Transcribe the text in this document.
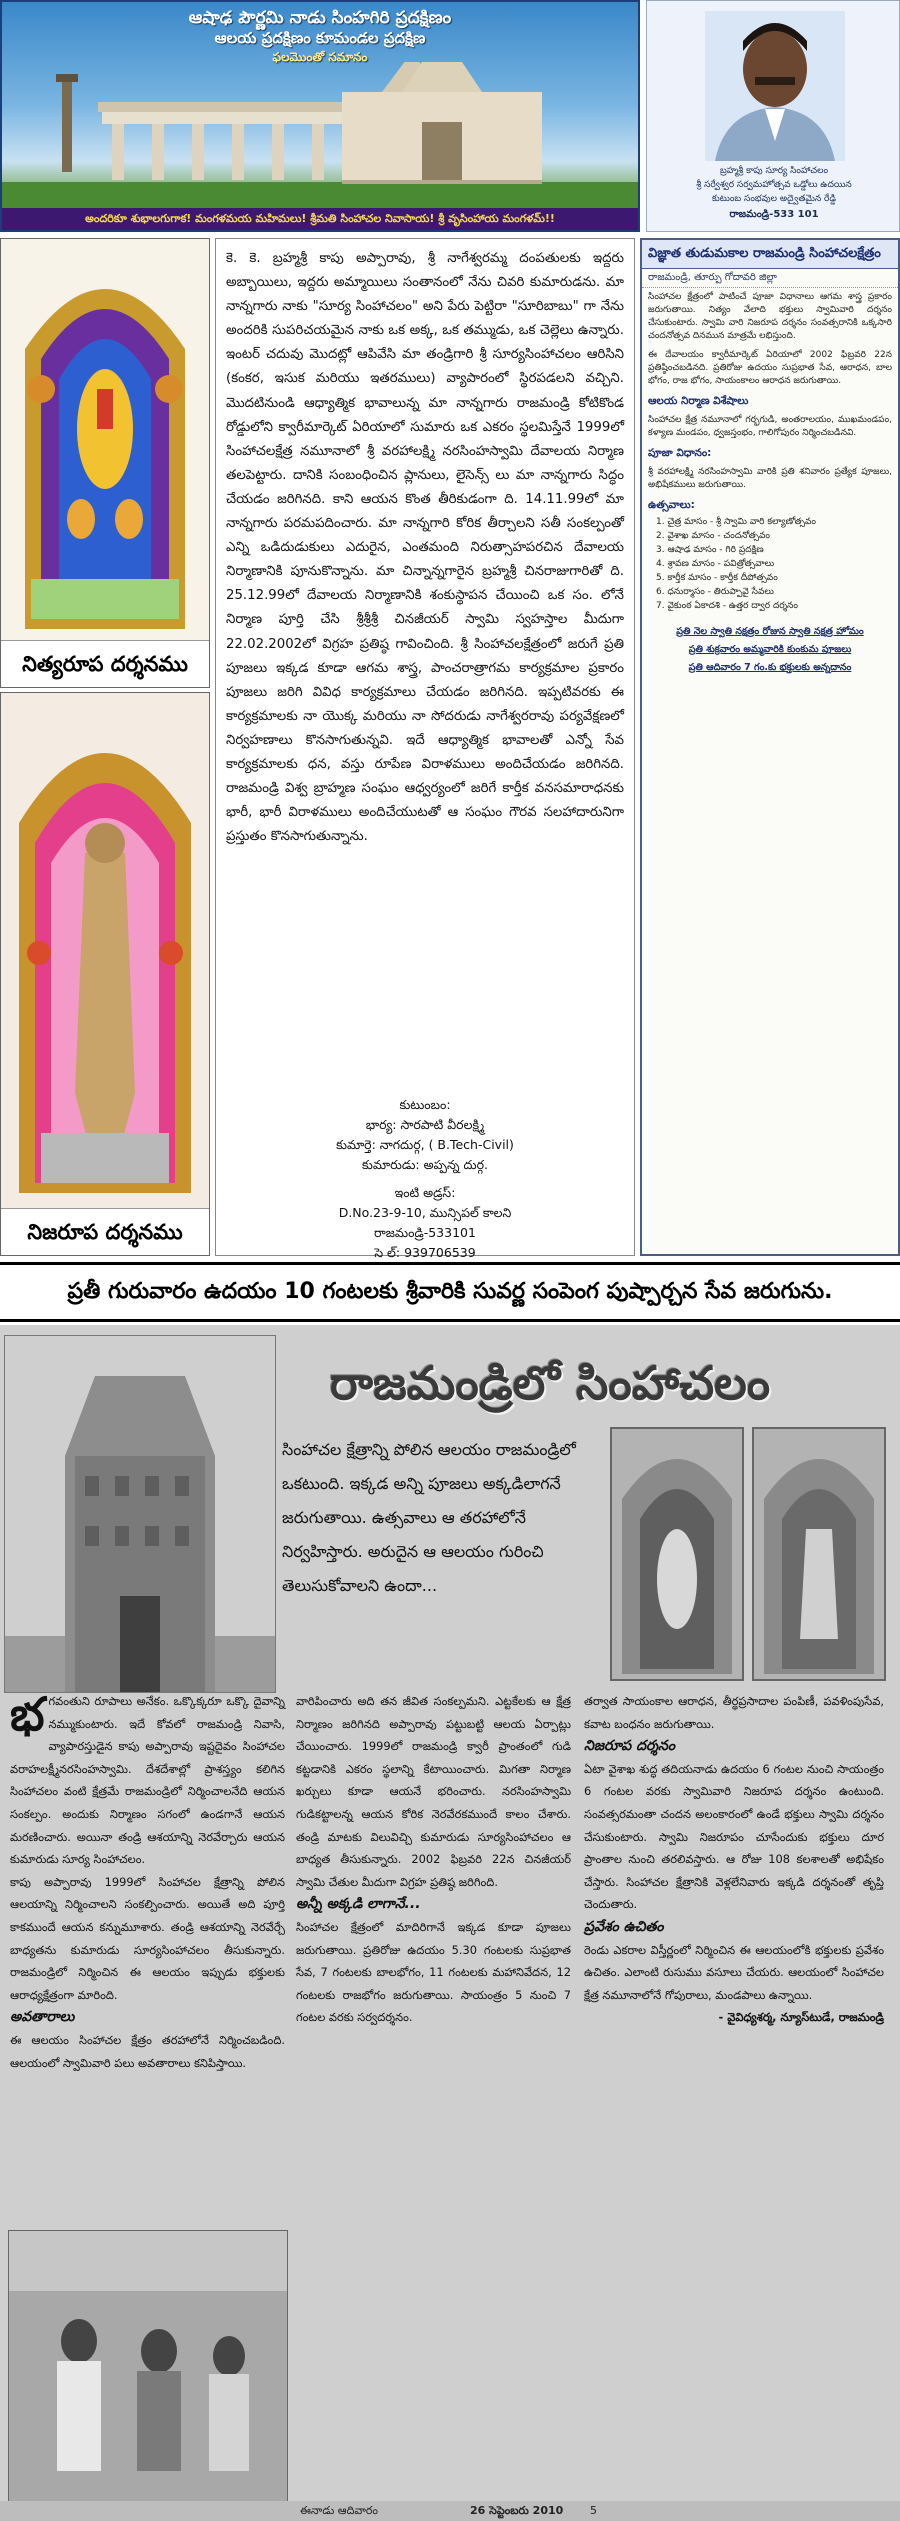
ఆషాఢ పౌర్ణమి నాడు సింహగిరి ప్రదక్షిణం
ఆలయ ప్రదక్షిణం కూమండల ప్రదక్షిణ
ఫలమొంతో సమానం
అందరికూ శుభాలగుగాక! మంగళమయ మహిమలు! శ్రీమతి సింహాచల నివాసాయ! శ్రీ వృసింహాయ మంగళమ్!!
బ్రహ్మశ్రీ కాపు సూర్య సింహాచలం
శ్రీ సర్వేశ్వర సర్వమహోత్సవ ఒడ్డోలు ఉదయిన
కుటుంబ సంభవుల అద్వైతమైన రేడ్డి
రాజమండ్రి-533 101
నిత్యరూప దర్శనము
నిజరూప దర్శనము
కె. కె. బ్రహ్మశ్రీ కాపు అప్పారావు, శ్రీ నాగేశ్వరమ్మ దంపతులకు ఇద్దరు అబ్బాయిలు, ఇద్దరు అమ్మాయిలు సంతానంలో నేను చివరి కుమారుడను. మా నాన్నగారు నాకు "సూర్య సింహాచలం" అని పేరు పెట్టిరా "సూరిబాబు" గా నేను అందరికి సుపరిచయమైన నాకు ఒక అక్క, ఒక తమ్ముడు, ఒక చెల్లెలు ఉన్నారు. ఇంటర్ చదువు మొదట్లో ఆపివేసి మా తండ్రిగారి శ్రీ సూర్యసింహాచలం ఆరిసిని (కంకర, ఇసుక మరియు ఇతరములు) వ్యాపారంలో స్థిరపడలని వచ్చిని. మొదటినుండి ఆధ్యాత్మిక భావాలున్న మా నాన్నగారు రాజమండ్రి కోటికొండ రోడ్డులోని క్వారీమార్కెట్ ఏరియాలో సుమారు ఒక ఎకరం స్థలమిస్తేనే 1999లో సింహాచలక్షేత్ర నమూనాలో శ్రీ వరహాలక్ష్మి నరసింహస్వామి దేవాలయ నిర్మాణ తలపెట్టారు. దానికి సంబంధించిన ప్లానులు, లైసెన్స్ లు మా నాన్నగారు సిద్ధం చేయడం జరిగినది. కాని ఆయన కొంత తీరికుడంగా ది. 14.11.99లో మా నాన్నగారు పరమపదించారు. మా నాన్నగారి కోరిక తీర్చాలని సతీ సంకల్పంతో ఎన్ని ఒడిదుడుకులు ఎదురైన, ఎంతమంది నిరుత్సాహపరచిన దేవాలయ నిర్మాణానికి పూనుకొన్నాను. మా చిన్నాన్నగారైన బ్రహ్మశ్రీ చినరాజుగారితో ది. 25.12.99లో దేవాలయ నిర్మాణానికి శంకుస్థాపన చేయించి ఒక సం. లోనే నిర్మాణ పూర్తి చేసి శ్రీశ్రీశ్రీ చినజీయర్ స్వామి స్వహస్తాల మీదుగా 22.02.2002లో విగ్రహ ప్రతిష్ఠ గావించింది. శ్రీ సింహాచలక్షేత్రంలో జరుగే ప్రతి పూజలు ఇక్కడ కూడా ఆగమ శాస్త్ర, పాంచరాత్రాగమ కార్యక్రమాల ప్రకారం పూజలు జరిగి వివిధ కార్యక్రమాలు చేయడం జరిగినది. ఇప్పటివరకు ఈ కార్యక్రమాలకు నా యొక్క మరియు నా సోదరుడు నాగేశ్వరరావు పర్యవేక్షణలో నిర్వహణాలు కొనసాగుతున్నవి. ఇదే ఆధ్యాత్మిక భావాలతో ఎన్నో సేవ కార్యక్రమాలకు ధన, వస్తు రూపేణ విరాళములు అందిచేయడం జరిగినది. రాజమండ్రి విశ్వ బ్రాహ్మణ సంఘం ఆధ్వర్యంలో జరిగే కార్తీక వనసమారాధనకు భారీ, భారీ విరాళములు అందిచేయుటతో ఆ సంఘం గౌరవ సలహాదారునిగా ప్రస్తుతం కొనసాగుతున్నాను.
కుటుంబం:
భార్య: సారపాటి వీరలక్ష్మి
కుమార్తె: నాగదుర్గ, ( B.Tech-Civil)
కుమారుడు: అప్పన్న దుర్గ.
ఇంటి అడ్రస్:
D.No.23-9-10, మున్సిపల్ కాలని
రాజమండ్రి-533101
సె ల్: 939706539
విజ్ఞాత తుడుమకాల రాజమండ్రి సింహాచలక్షేత్రం
రాజమండ్రి, తూర్పు గోదావరి జిల్లా
సింహాచల క్షేత్రంలో పాటించే పూజా విధానాలు ఆగమ శాస్త్ర ప్రకారం జరుగుతాయి. నిత్యం వేలాది భక్తులు స్వామివారి దర్శనం చేసుకుంటారు. స్వామి వారి నిజరూప దర్శనం సంవత్సరానికి ఒక్కసారి చందనోత్సవ దినమున మాత్రమే లభిస్తుంది.
ఈ దేవాలయం క్వారీమార్కెట్ ఏరియాలో 2002 ఫిబ్రవరి 22న ప్రతిష్ఠించబడినది. ప్రతిరోజు ఉదయం సుప్రభాత సేవ, ఆరాధన, బాల భోగం, రాజ భోగం, సాయంకాలం ఆరాధన జరుగుతాయి.
ఆలయ నిర్మాణ విశేషాలు
సింహాచల క్షేత్ర నమూనాలో గర్భగుడి, అంతరాలయం, ముఖమండపం, కళ్యాణ మండపం, ధ్వజస్తంభం, గాలిగోపురం నిర్మించబడినవి.
పూజా విధానం:
శ్రీ వరహాలక్ష్మి నరసింహస్వామి వారికి ప్రతి శనివారం ప్రత్యేక పూజలు, అభిషేకములు జరుగుతాయి.
ఉత్సవాలు:
1. చైత్ర మాసం - శ్రీ స్వామి వారి కల్యాణోత్సవం
2. వైశాఖ మాసం - చందనోత్సవం
3. ఆషాఢ మాసం - గిరి ప్రదక్షిణ
4. శ్రావణ మాసం - పవిత్రోత్సవాలు
5. కార్తీక మాసం - కార్తీక దీపోత్సవం
6. ధనుర్మాసం - తిరుప్పావై సేవలు
7. వైకుంఠ ఏకాదశి - ఉత్తర ద్వార దర్శనం
ప్రతి నెల స్వాతి నక్షత్రం రోజున స్వాతి నక్షత్ర హోమం
ప్రతి శుక్రవారం అమ్మవారికి కుంకుమ పూజలు
ప్రతి ఆదివారం 7 గం.కు భక్తులకు అన్నదానం
ప్రతీ గురువారం ఉదయం 10 గంటలకు శ్రీవారికి సువర్ణ సంపెంగ పుష్పార్చన సేవ జరుగును.
రాజమండ్రిలో సింహాచలం
సింహాచల క్షేత్రాన్ని పోలిన ఆలయం రాజమండ్రిలో ఒకటుంది. ఇక్కడ అన్ని పూజలు అక్కడిలాగనే జరుగుతాయి. ఉత్సవాలు ఆ తరహాలోనే నిర్వహిస్తారు. అరుదైన ఆ ఆలయం గురించి తెలుసుకోవాలని ఉందా...
భ గవంతుని రూపాలు అనేకం. ఒక్కొక్కరూ ఒక్కొ దైవాన్ని నమ్ముకుంటారు. ఇదే కోవలో రాజమండ్రి నివాసి, వ్యాపారస్తుడైన కాపు అప్పారావు ఇష్టదైవం సింహాచల వరాహలక్ష్మీనరసింహస్వామి. దేశదేశాల్లో ప్రాశస్త్యం కలిగిన సింహాచలం వంటి క్షేత్రమే రాజమండ్రిలో నిర్మించాలనేది ఆయన సంకల్పం. అందుకు నిర్మాణం సగంలో ఉండగానే ఆయన మరణించారు. అయినా తండ్రి ఆశయాన్ని నెరవేర్చారు ఆయన కుమారుడు సూర్య సింహాచలం.
కాపు అప్పారావు 1999లో సింహాచల క్షేత్రాన్ని పోలిన ఆలయాన్ని నిర్మించాలని సంకల్పించారు. అయితే అది పూర్తి కాకముందే ఆయన కన్నుమూశారు. తండ్రి ఆశయాన్ని నెరవేర్చే బాధ్యతను కుమారుడు సూర్యసింహాచలం తీసుకున్నారు. రాజమండ్రిలో నిర్మించిన ఈ ఆలయం ఇప్పుడు భక్తులకు ఆరాధ్యక్షేత్రంగా మారింది.
అవతారాలు
ఈ ఆలయం సింహాచల క్షేత్రం తరహాలోనే నిర్మించబడింది. ఆలయంలో స్వామివారి పలు అవతారాలు కనిపిస్తాయి.
వారిపించారు అది తన జీవిత సంకల్పమని. ఎట్టకేలకు ఆ క్షేత్ర నిర్మాణం జరిగినది అప్పారావు పట్టుబట్టి ఆలయ ఏర్పాట్లు చేయించారు. 1999లో రాజమండ్రి క్వారీ ప్రాంతంలో గుడి కట్టడానికి ఎకరం స్థలాన్ని కేటాయించారు. మిగతా నిర్మాణ ఖర్చులు కూడా ఆయనే భరించారు. నరసింహస్వామి గుడికట్టాలన్న ఆయన కోరిక నెరవేరకముందే కాలం చేశారు. తండ్రి మాటకు విలువిచ్చి కుమారుడు సూర్యసింహాచలం ఆ బాధ్యత తీసుకున్నారు. 2002 ఫిబ్రవరి 22న చినజీయర్ స్వామి చేతుల మీదుగా విగ్రహ ప్రతిష్ఠ జరిగింది.
అన్నీ అక్కడి లాగానే...
సింహాచల క్షేత్రంలో మాదిరిగానే ఇక్కడ కూడా పూజలు జరుగుతాయి. ప్రతిరోజు ఉదయం 5.30 గంటలకు సుప్రభాత సేవ, 7 గంటలకు బాలభోగం, 11 గంటలకు మహానివేదన, 12 గంటలకు రాజభోగం జరుగుతాయి. సాయంత్రం 5 నుంచి 7 గంటల వరకు సర్వదర్శనం.
తర్వాత సాయంకాల ఆరాధన, తీర్థప్రసాదాల పంపిణీ, పవళింపుసేవ, కవాట బంధనం జరుగుతాయి.
నిజరూప దర్శనం
ఏటా వైశాఖ శుద్ధ తదియనాడు ఉదయం 6 గంటల నుంచి సాయంత్రం 6 గంటల వరకు స్వామివారి నిజరూప దర్శనం ఉంటుంది. సంవత్సరమంతా చందన అలంకారంలో ఉండే భక్తులు స్వామి దర్శనం చేసుకుంటారు. స్వామి నిజరూపం చూసేందుకు భక్తులు దూర ప్రాంతాల నుంచి తరలివస్తారు. ఆ రోజు 108 కలశాలతో అభిషేకం చేస్తారు. సింహాచల క్షేత్రానికి వెళ్లలేనివారు ఇక్కడి దర్శనంతో తృప్తి చెందుతారు.
ప్రవేశం ఉచితం
రెండు ఎకరాల విస్తీర్ణంలో నిర్మించిన ఈ ఆలయంలోకి భక్తులకు ప్రవేశం ఉచితం. ఎలాంటి రుసుము వసూలు చేయరు. ఆలయంలో సింహాచల క్షేత్ర నమూనాలోనే గోపురాలు, మండపాలు ఉన్నాయి.
- వైవిధ్యశర్మ, న్యూస్‌టుడే, రాజమండ్రి
ఈనాడు ఆదివారం	26 సెప్టెంబరు 2010 5
